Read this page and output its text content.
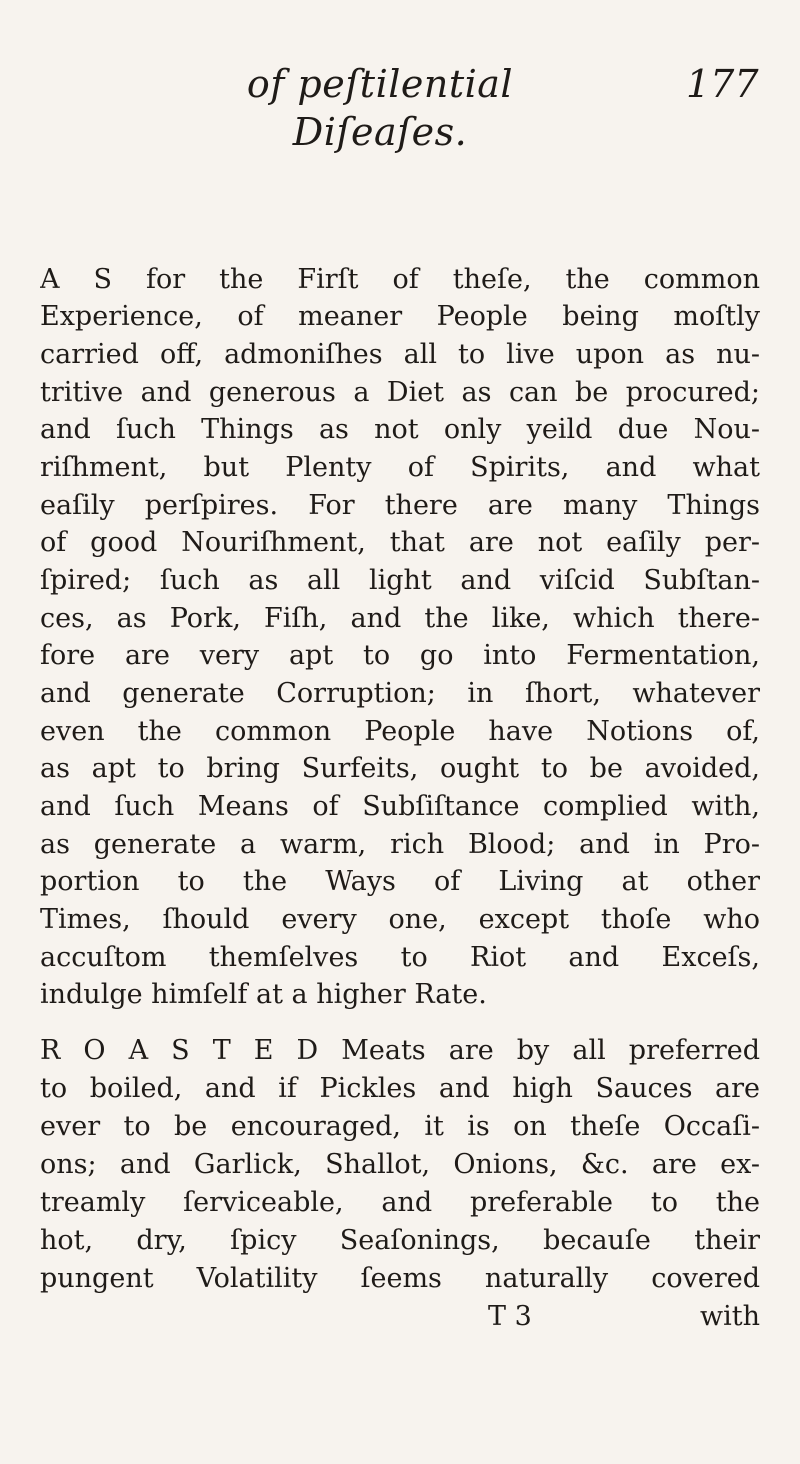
of peſtilential Diſeaſes.
177
A S for the Firſt of theſe, the common
Experience, of meaner People being moſtly
carried off, admoniſhes all to live upon as nu-
tritive and generous a Diet as can be procured;
and ſuch Things as not only yeild due Nou-
riſhment, but Plenty of Spirits, and what
eaſily perſpires. For there are many Things
of good Nouriſhment, that are not eaſily per-
ſpired; ſuch as all light and viſcid Subſtan-
ces, as Pork, Fiſh, and the like, which there-
fore are very apt to go into Fermentation,
and generate Corruption; in ſhort, whatever
even the common People have Notions of,
as apt to bring Surfeits, ought to be avoided,
and ſuch Means of Subſiſtance complied with,
as generate a warm, rich Blood; and in Pro-
portion to the Ways of Living at other
Times, ſhould every one, except thoſe who
accuſtom themſelves to Riot and Exceſs,
indulge himſelf at a higher Rate.
R O A S T E D Meats are by all preferred
to boiled, and if Pickles and high Sauces are
ever to be encouraged, it is on theſe Occaſi-
ons; and Garlick, Shallot, Onions, &c. are ex-
treamly ſerviceable, and preferable to the
hot, dry, ſpicy Seaſonings, becauſe their
pungent Volatility ſeems naturally covered
T 3	with
